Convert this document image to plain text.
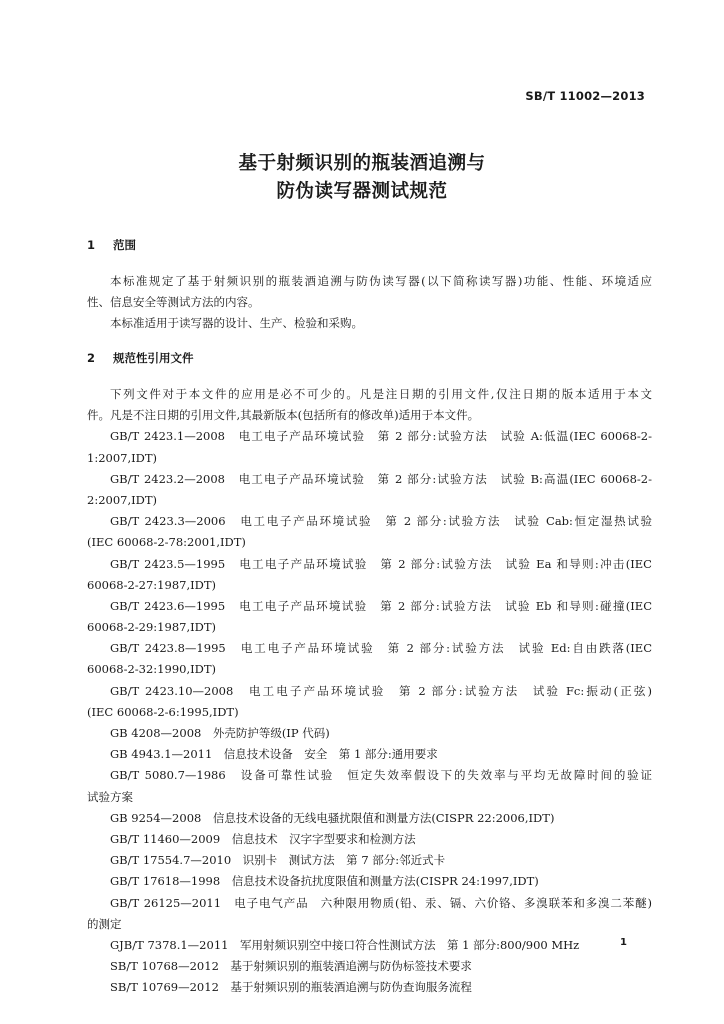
SB/T 11002—2013
基于射频识别的瓶装酒追溯与
防伪读写器测试规范
1 范围
本标准规定了基于射频识别的瓶装酒追溯与防伪读写器(以下简称读写器)功能、性能、环境适应
性、信息安全等测试方法的内容。
本标准适用于读写器的设计、生产、检验和采购。
2 规范性引用文件
下列文件对于本文件的应用是必不可少的。凡是注日期的引用文件,仅注日期的版本适用于本文
件。凡是不注日期的引用文件,其最新版本(包括所有的修改单)适用于本文件。
GB/T 2423.1—2008　电工电子产品环境试验　第 2 部分:试验方法　试验 A:低温(IEC 60068-2-
1:2007,IDT)
GB/T 2423.2—2008　电工电子产品环境试验　第 2 部分:试验方法　试验 B:高温(IEC 60068-2-
2:2007,IDT)
GB/T 2423.3—2006　电工电子产品环境试验　第 2 部分:试验方法　试验 Cab:恒定湿热试验
(IEC 60068-2-78:2001,IDT)
GB/T 2423.5—1995　电工电子产品环境试验　第 2 部分:试验方法　试验 Ea 和导则:冲击(IEC
60068-2-27:1987,IDT)
GB/T 2423.6—1995　电工电子产品环境试验　第 2 部分:试验方法　试验 Eb 和导则:碰撞(IEC
60068-2-29:1987,IDT)
GB/T 2423.8—1995　电工电子产品环境试验　第 2 部分:试验方法　试验 Ed:自由跌落(IEC
60068-2-32:1990,IDT)
GB/T 2423.10—2008　电工电子产品环境试验　第 2 部分:试验方法　试验 Fc:振动(正弦)
(IEC 60068-2-6:1995,IDT)
GB 4208—2008　外壳防护等级(IP 代码)
GB 4943.1—2011　信息技术设备　安全　第 1 部分:通用要求
GB/T 5080.7—1986　设备可靠性试验　恒定失效率假设下的失效率与平均无故障时间的验证
试验方案
GB 9254—2008　信息技术设备的无线电骚扰限值和测量方法(CISPR 22:2006,IDT)
GB/T 11460—2009　信息技术　汉字字型要求和检测方法
GB/T 17554.7—2010　识别卡　测试方法　第 7 部分:邻近式卡
GB/T 17618—1998　信息技术设备抗扰度限值和测量方法(CISPR 24:1997,IDT)
GB/T 26125—2011　电子电气产品　六种限用物质(铅、汞、镉、六价铬、多溴联苯和多溴二苯醚)
的测定
GJB/T 7378.1—2011　军用射频识别空中接口符合性测试方法　第 1 部分:800/900 MHz
SB/T 10768—2012　基于射频识别的瓶装酒追溯与防伪标签技术要求
SB/T 10769—2012　基于射频识别的瓶装酒追溯与防伪查询服务流程
1
